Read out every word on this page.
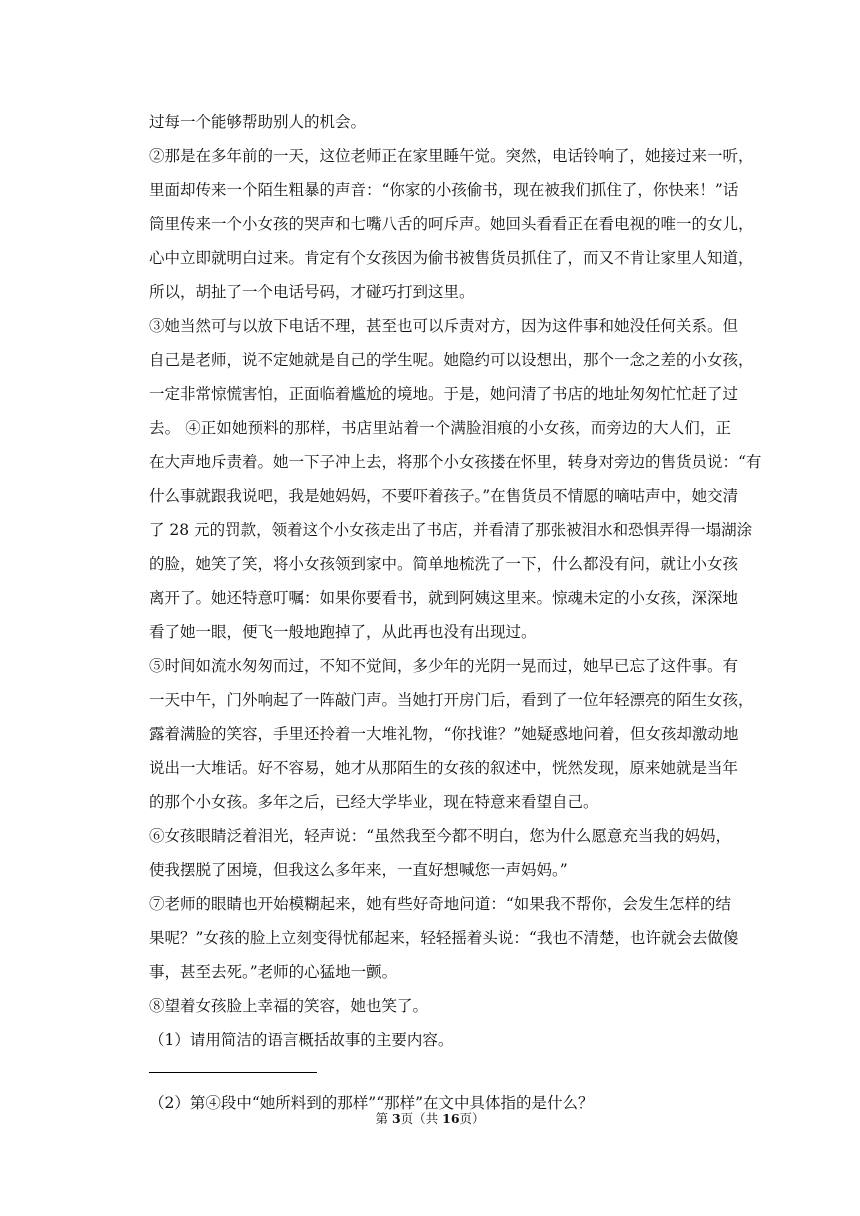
过每一个能够帮助别人的机会。
②那是在多年前的一天，这位老师正在家里睡午觉。突然，电话铃响了，她接过来一听，
里面却传来一个陌生粗暴的声音：“你家的小孩偷书，现在被我们抓住了，你快来！”话
筒里传来一个小女孩的哭声和七嘴八舌的呵斥声。她回头看看正在看电视的唯一的女儿，
心中立即就明白过来。肯定有个女孩因为偷书被售货员抓住了，而又不肯让家里人知道，
所以，胡扯了一个电话号码，才碰巧打到这里。
③她当然可与以放下电话不理，甚至也可以斥责对方，因为这件事和她没任何关系。但
自己是老师，说不定她就是自己的学生呢。她隐约可以设想出，那个一念之差的小女孩，
一定非常惊慌害怕，正面临着尴尬的境地。于是，她问清了书店的地址匆匆忙忙赶了过
去。 ④正如她预料的那样，书店里站着一个满脸泪痕的小女孩，而旁边的大人们，正
在大声地斥责着。她一下子冲上去，将那个小女孩搂在怀里，转身对旁边的售货员说：“有
什么事就跟我说吧，我是她妈妈，不要吓着孩子。”在售货员不情愿的嘀咕声中，她交清
了 28 元的罚款，领着这个小女孩走出了书店，并看清了那张被泪水和恐惧弄得一塌湖涂
的脸，她笑了笑，将小女孩领到家中。简单地梳洗了一下，什么都没有问，就让小女孩
离开了。她还特意叮嘱：如果你要看书，就到阿姨这里来。惊魂未定的小女孩，深深地
看了她一眼，便飞一般地跑掉了，从此再也没有出现过。
⑤时间如流水匆匆而过，不知不觉间，多少年的光阴一晃而过，她早已忘了这件事。有
一天中午，门外响起了一阵敲门声。当她打开房门后，看到了一位年轻漂亮的陌生女孩，
露着满脸的笑容，手里还拎着一大堆礼物，“你找谁？”她疑惑地问着，但女孩却激动地
说出一大堆话。好不容易，她才从那陌生的女孩的叙述中，恍然发现，原来她就是当年
的那个小女孩。多年之后，已经大学毕业，现在特意来看望自己。
⑥女孩眼睛泛着泪光，轻声说：“虽然我至今都不明白，您为什么愿意充当我的妈妈，
使我摆脱了困境，但我这么多年来，一直好想喊您一声妈妈。”
⑦老师的眼睛也开始模糊起来，她有些好奇地问道：“如果我不帮你，会发生怎样的结
果呢？”女孩的脸上立刻变得忧郁起来，轻轻摇着头说：“我也不清楚，也许就会去做傻
事，甚至去死。”老师的心猛地一颤。
⑧望着女孩脸上幸福的笑容，她也笑了。
（1）请用简洁的语言概括故事的主要内容。
（2）第④段中“她所料到的那样”“那样”在文中具体指的是什么？
第 3页（共 16页）
